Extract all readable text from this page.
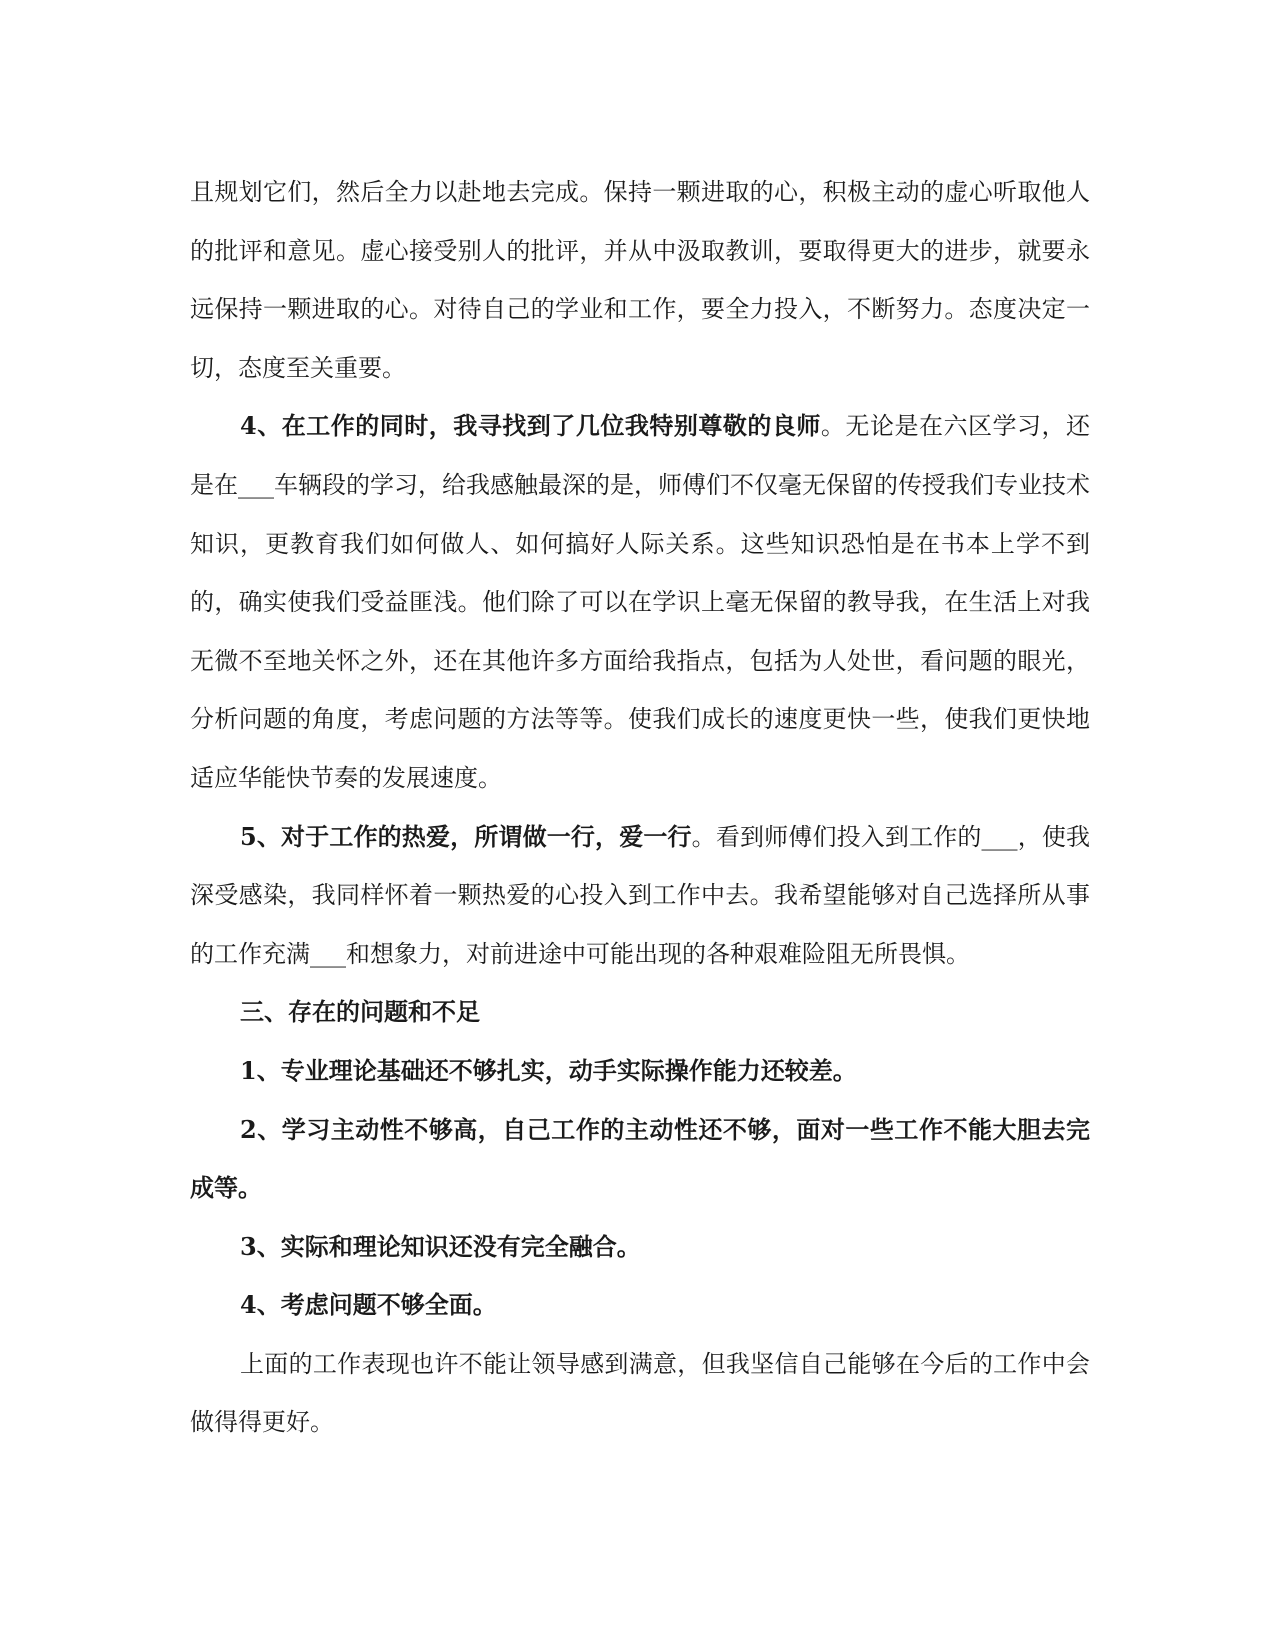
且规划它们，然后全力以赴地去完成。保持一颗进取的心，积极主动的虚心听取他人的批评和意见。虚心接受别人的批评，并从中汲取教训，要取得更大的进步，就要永远保持一颗进取的心。对待自己的学业和工作，要全力投入，不断努力。态度决定一切，态度至关重要。

4、在工作的同时，我寻找到了几位我特别尊敬的良师。无论是在六区学习，还是在___车辆段的学习，给我感触最深的是，师傅们不仅毫无保留的传授我们专业技术知识，更教育我们如何做人、如何搞好人际关系。这些知识恐怕是在书本上学不到的，确实使我们受益匪浅。他们除了可以在学识上毫无保留的教导我，在生活上对我无微不至地关怀之外，还在其他许多方面给我指点，包括为人处世，看问题的眼光，分析问题的角度，考虑问题的方法等等。使我们成长的速度更快一些，使我们更快地适应华能快节奏的发展速度。

5、对于工作的热爱，所谓做一行，爱一行。看到师傅们投入到工作的___，使我深受感染，我同样怀着一颗热爱的心投入到工作中去。我希望能够对自己选择所从事的工作充满___和想象力，对前进途中可能出现的各种艰难险阻无所畏惧。

三、存在的问题和不足

1、专业理论基础还不够扎实，动手实际操作能力还较差。

2、学习主动性不够高，自己工作的主动性还不够，面对一些工作不能大胆去完成等。

3、实际和理论知识还没有完全融合。

4、考虑问题不够全面。

上面的工作表现也许不能让领导感到满意，但我坚信自己能够在今后的工作中会做得得更好。
